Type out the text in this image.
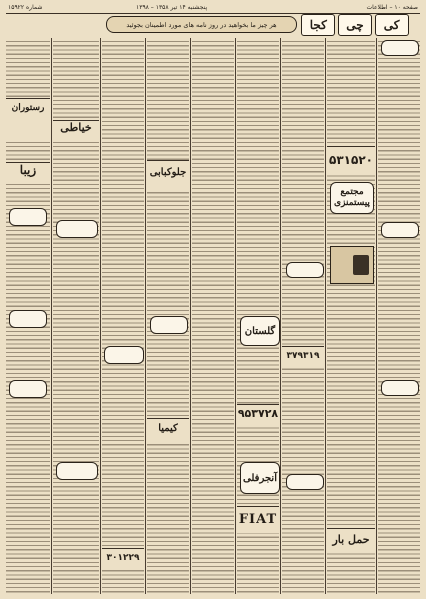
شماره ۱۵۹۲۲	پنجشنبه ۱۴ تیر ۱۳۵۸ – ۱۳۹۸	صفحه ۱۰ – اطلاعات
هر چیز ما بخواهید در روز نامه های مورد اطمینان بجوئید	کجا	چی	کی
رستوران
زیبا
خیاطی
۳۰۱۲۲۹
جلوکبابی
کیمیا
گلستان
۹۵۳۷۲۸
آنجرفلی
FIAT
۳۷۹۳۱۹
۵۳۱۵۲۰
مجتمع پیستمنزی
حمل بار
